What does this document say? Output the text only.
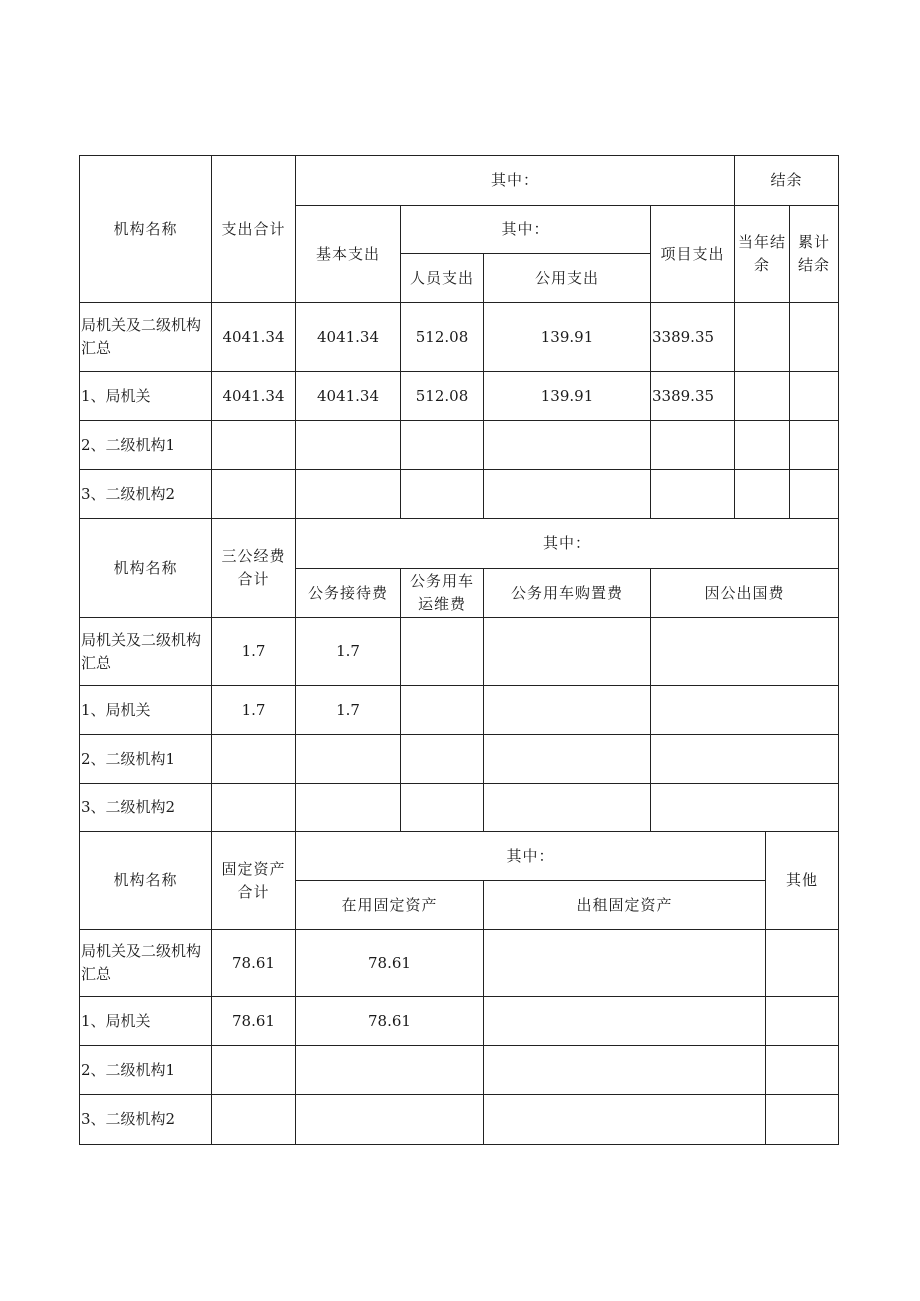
机构名称	支出合计	其中：				结余	
		基本支出	其中：		项目支出	当年结余	累计结余
			人员支出	公用支出			
局机关及二级机构汇总	4041.34	4041.34	512.08	139.91	3389.35		
1、局机关	4041.34	4041.34	512.08	139.91	3389.35		
2、二级机构1							
3、二级机构2							
机构名称	三公经费合计	其中：			
		公务接待费	公务用车运维费	公务用车购置费	因公出国费
局机关及二级机构汇总	1.7	1.7			
1、局机关	1.7	1.7			
2、二级机构1					
3、二级机构2					
机构名称	固定资产合计	其中：		其他
		在用固定资产	出租固定资产	
局机关及二级机构汇总	78.61	78.61		
1、局机关	78.61	78.61		
2、二级机构1				
3、二级机构2				
